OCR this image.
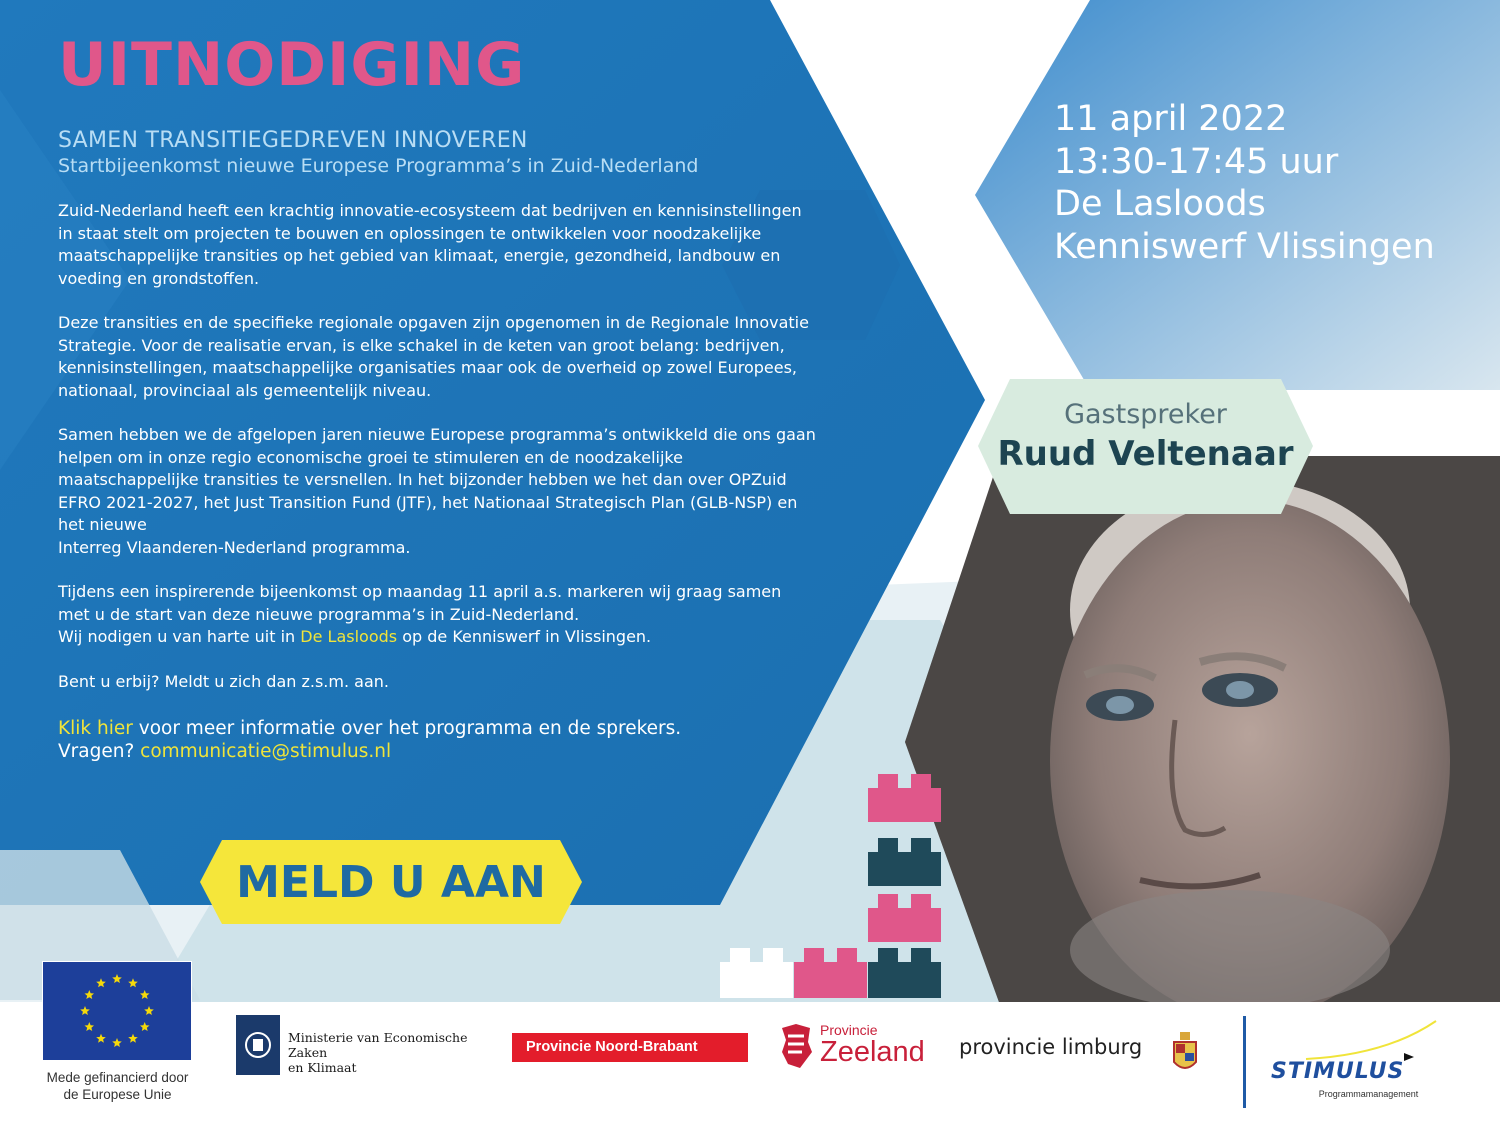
UITNODIGING
SAMEN TRANSITIEGEDREVEN INNOVEREN
Startbijeenkomst nieuwe Europese Programma’s in Zuid-Nederland

Zuid-Nederland heeft een krachtig innovatie-ecosysteem dat bedrijven en kennisinstellingen in staat stelt om projecten te bouwen en oplossingen te ontwikkelen voor noodzakelijke maatschappelijke transities op het gebied van klimaat, energie, gezondheid, landbouw en voeding en grondstoffen.

Deze transities en de specifieke regionale opgaven zijn opgenomen in de Regionale Innovatie Strategie. Voor de realisatie ervan, is elke schakel in de keten van groot belang: bedrijven, kennisinstellingen, maatschappelijke organisaties maar ook de overheid op zowel Europees, nationaal, provinciaal als gemeentelijk niveau.

Samen hebben we de afgelopen jaren nieuwe Europese programma’s ontwikkeld die ons gaan helpen om in onze regio economische groei te stimuleren en de noodzakelijke maatschappelijke transities te versnellen. In het bijzonder hebben we het dan over OPZuid EFRO 2021-2027, het Just Transition Fund (JTF), het Nationaal Strategisch Plan (GLB-NSP) en het nieuwe
Interreg Vlaanderen-Nederland programma.

Tijdens een inspirerende bijeenkomst op maandag 11 april a.s. markeren wij graag samen met u de start van deze nieuwe programma’s in Zuid-Nederland.
Wij nodigen u van harte uit in De Lasloods op de Kenniswerf in Vlissingen.

Bent u erbij? Meldt u zich dan z.s.m. aan.

Klik hier voor meer informatie over het programma en de sprekers.
Vragen? communicatie@stimulus.nl
MELD U AAN
11 april 2022
13:30-17:45 uur
De Lasloods
Kenniswerf Vlissingen
Gastspreker
Ruud Veltenaar
Mede gefinancierd door
de Europese Unie
Ministerie van Economische Zaken
en Klimaat
Provincie Noord-Brabant
Provincie
Zeeland provincie limburg
STIMULUS
Programmamanagement
